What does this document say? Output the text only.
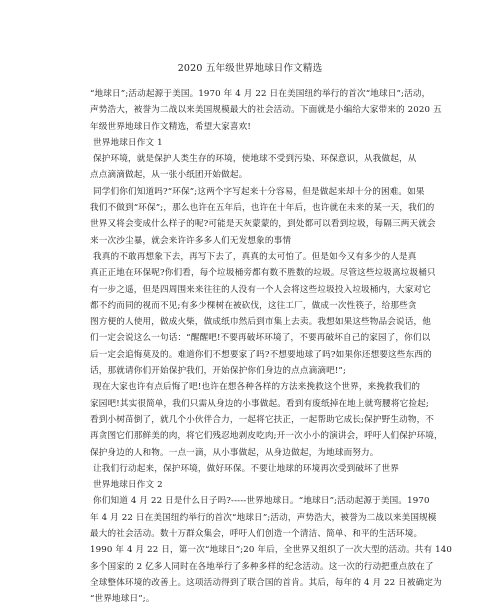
2020 五年级世界地球日作文精选
“地球日”;活动起源于美国。1970 年 4 月 22 日在美国纽约举行的首次“地球日”;活动，
声势浩大，被誉为二战以来美国规模最大的社会活动。下面就是小编给大家带来的 2020 五
年级世界地球日作文精选，希望大家喜欢!
世界地球日作文 1
保护环境，就是保护人类生存的环境，使地球不受到污染、环保意识，从我做起，从
点点滴滴做起，从一张小纸团开始做起。
同学们你们知道吗?“环保”;这两个字写起来十分容易，但是做起来却十分的困难。如果
我们不做到“环保”;，那么也许在五年后，也许在十年后，也许就在未来的某一天，我们的
世界又将会变成什么样子的呢?可能是天灰蒙蒙的，到处都可以看到垃圾，每隔三两天就会
来一次沙尘暴，就会来许许多多人们无发想象的事情
我真的不敢再想象下去，再写下去了，真真的太可怕了。但是如今又有多少的人是真
真正正地在环保呢?你们看，每个垃圾桶旁都有数不胜数的垃圾。尽管这些垃圾离垃圾桶只
有一步之遥，但是四周围来来往往的人没有一个人会将这些垃圾投入垃圾桶内，大家对它
都不约而同的视而不见;有多少棵树在被砍伐，这往工厂，做成一次性筷子，给那些贪
图方便的人使用，做成火柴，做成纸巾然后到市集上去卖。我想如果这些物品会说话，他
们一定会说这么一句话：“醒醒吧!不要再破坏环境了，不要再破坏自己的家园了，你们以
后一定会追悔莫及的。难道你们不想要家了吗?不想要地球了吗?如果你还想要这些东西的
话，那就请你们开始保护我们，开始保护你们身边的点点滴滴吧!”;
现在大家也许有点后悔了吧!也许在想各种各样的方法来挽救这个世界，来挽救我们的
家园吧!其实很简单，我们只需从身边的小事做起。看到有废纸掉在地上就弯腰将它捡起;
看到小树苗倒了，就几个小伙伴合力，一起将它扶正，一起帮助它成长;保护野生动物，不
再贪图它们那鲜美的肉，将它们残忍地剥皮吃肉;开一次小小的演讲会，呼吁人们保护环境，
保护身边的人和物。一点一滴，从小事做起，从身边做起，为地球而努力。
让我们行动起来，保护环境，做好环保。不要让地球的环境再次受到破坏了世界
世界地球日作文 2
你们知道 4 月 22 日是什么日子吗?-----世界地球日。“地球日”;活动起源于美国。1970
年 4 月 22 日在美国纽约举行的首次“地球日”;活动，声势浩大，被誉为二战以来美国规模
最大的社会活动。数十万群众集会，呼吁人们创造一个清洁、简单、和平的生活环境。
1990 年 4 月 22 日，第一次“地球日”;20 年后，全世界又组织了一次大型的活动。共有 140
多个国家的 2 亿多人同时在各地举行了多种多样的纪念活动。这一次的行动把重点放在了
全球整体环境的改善上。这项活动得到了联合国的首肯。其后，每年的 4 月 22 日被确定为
“世界地球日”;。
